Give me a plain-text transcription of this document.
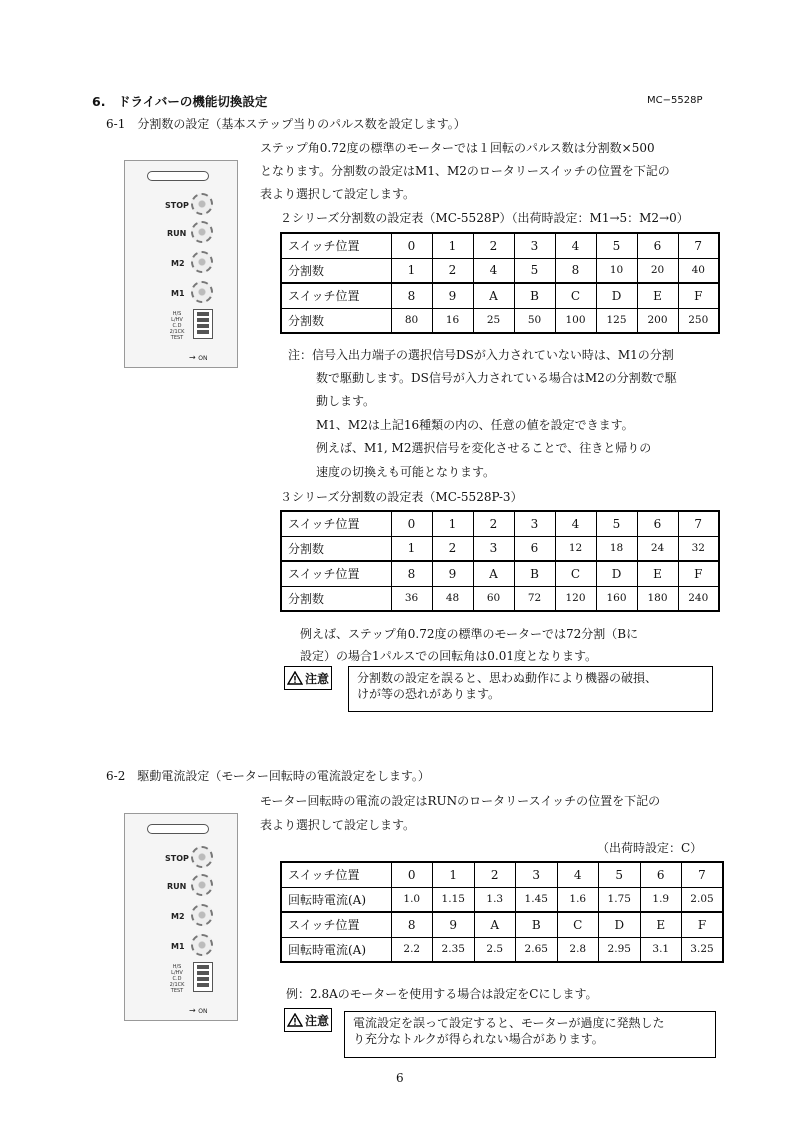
6.　ドライバーの機能切換設定	MC−5528P
6-1　分割数の設定（基本ステップ当りのパルス数を設定します。）
ステップ角0.72度の標準のモーターでは１回転のパルス数は分割数×500
となります。分割数の設定はM1、M2のロータリースイッチの位置を下記の
表より選択して設定します。
STOP
RUN
M2
M1
H/S
L/HV
C.D
2/1CK
TEST
→ ON
２シリーズ分割数の設定表（MC-5528P）（出荷時設定：M1→5：M2→0）
スイッチ位置	0	1	2	3	4	5	6	7
分割数	1	2	4	5	8	10	20	40
スイッチ位置	8	9	A	B	C	D	E	F
分割数	80	16	25	50	100	125	200	250
注：信号入出力端子の選択信号DSが入力されていない時は、M1の分割
数で駆動します。DS信号が入力されている場合はM2の分割数で駆
動します。
M1、M2は上記16種類の内の、任意の値を設定できます。
例えば、M1, M2選択信号を変化させることで、往きと帰りの
速度の切換えも可能となります。
３シリーズ分割数の設定表（MC-5528P-3）
スイッチ位置	0	1	2	3	4	5	6	7
分割数	1	2	3	6	12	18	24	32
スイッチ位置	8	9	A	B	C	D	E	F
分割数	36	48	60	72	120	160	180	240
例えば、ステップ角0.72度の標準のモーターでは72分割（Bに
設定）の場合1パルスでの回転角は0.01度となります。
注意 分割数の設定を誤ると、思わぬ動作により機器の破損、
けが等の恐れがあります。
6-2　駆動電流設定（モーター回転時の電流設定をします。）
モーター回転時の電流の設定はRUNのロータリースイッチの位置を下記の
表より選択して設定します。
（出荷時設定：C）
STOP
RUN
M2
M1
H/S
L/HV
C.D
2/1CK
TEST
→ ON
スイッチ位置	0	1	2	3	4	5	6	7
回転時電流(A)	1.0	1.15	1.3	1.45	1.6	1.75	1.9	2.05
スイッチ位置	8	9	A	B	C	D	E	F
回転時電流(A)	2.2	2.35	2.5	2.65	2.8	2.95	3.1	3.25
例：2.8Aのモーターを使用する場合は設定をCにします。
注意 電流設定を誤って設定すると、モーターが過度に発熱した
り充分なトルクが得られない場合があります。
6
